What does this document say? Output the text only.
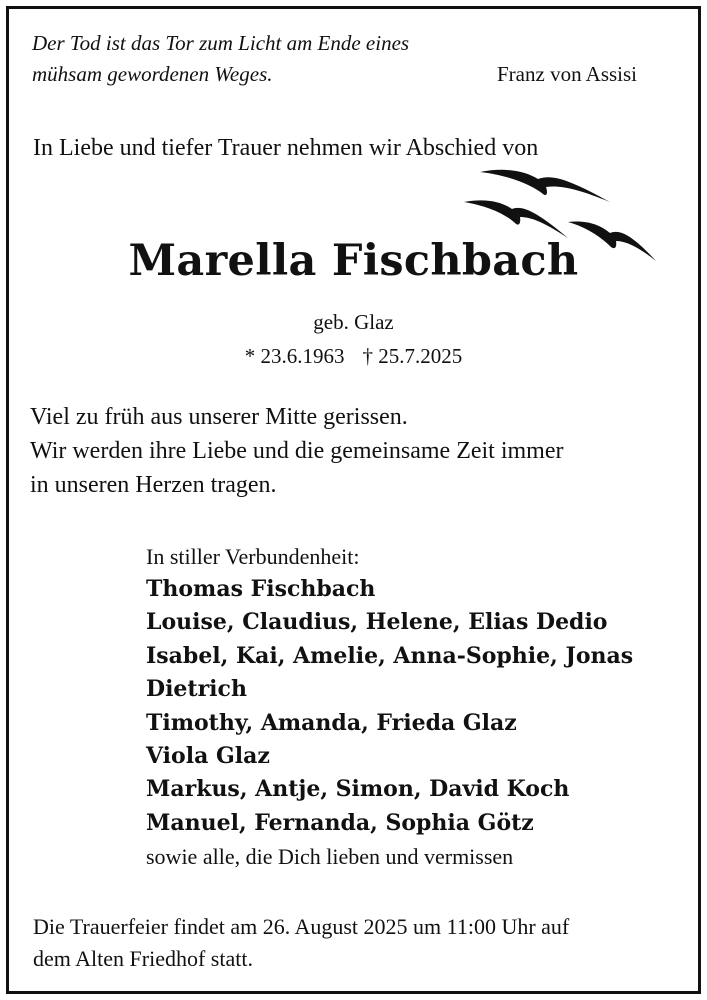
Der Tod ist das Tor zum Licht am Ende eines
mühsam gewordenen Weges.	Franz von Assisi
In Liebe und tiefer Trauer nehmen wir Abschied von
Marella Fischbach
geb. Glaz
* 23.6.1963 † 25.7.2025
Viel zu früh aus unserer Mitte gerissen.
Wir werden ihre Liebe und die gemeinsame Zeit immer
in unseren Herzen tragen.
In stiller Verbundenheit:
Thomas Fischbach
Louise, Claudius, Helene, Elias Dedio
Isabel, Kai, Amelie, Anna-Sophie, Jonas
Dietrich
Timothy, Amanda, Frieda Glaz
Viola Glaz
Markus, Antje, Simon, David Koch
Manuel, Fernanda, Sophia Götz
sowie alle, die Dich lieben und vermissen
Die Trauerfeier findet am 26. August 2025 um 11:00 Uhr auf
dem Alten Friedhof statt.
